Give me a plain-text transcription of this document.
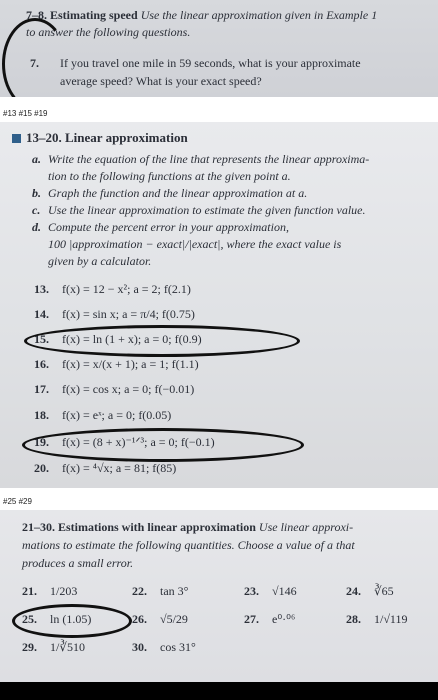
7–8. Estimating speed Use the linear approximation given in Example 1
to answer the following questions.
7. If you travel one mile in 59 seconds, what is your approximate
average speed? What is your exact speed?
#13 #15 #19
13–20. Linear approximation
a. Write the equation of the line that represents the linear approxima-
tion to the following functions at the given point a.
b. Graph the function and the linear approximation at a.
c. Use the linear approximation to estimate the given function value.
d. Compute the percent error in your approximation,
100 |approximation − exact|/|exact|, where the exact value is
given by a calculator.
13. f(x) = 12 − x²; a = 2; f(2.1)
14. f(x) = sin x; a = π/4; f(0.75)
15. f(x) = ln (1 + x); a = 0; f(0.9)
16. f(x) = x/(x + 1); a = 1; f(1.1)
17. f(x) = cos x; a = 0; f(−0.01)
18. f(x) = eˣ; a = 0; f(0.05)
19. f(x) = (8 + x)⁻¹ᐟ³; a = 0; f(−0.1)
20. f(x) = ⁴√x; a = 81; f(85)
#25 #29
21–30. Estimations with linear approximation Use linear approxi-
mations to estimate the following quantities. Choose a value of a that
produces a small error.
21. 1/203	22. tan 3°	23. √146	24. ∛65
25. ln (1.05)	26. √5/29	27. e⁰·⁰⁶	28. 1/√119
29. 1/∛510	30. cos 31°
